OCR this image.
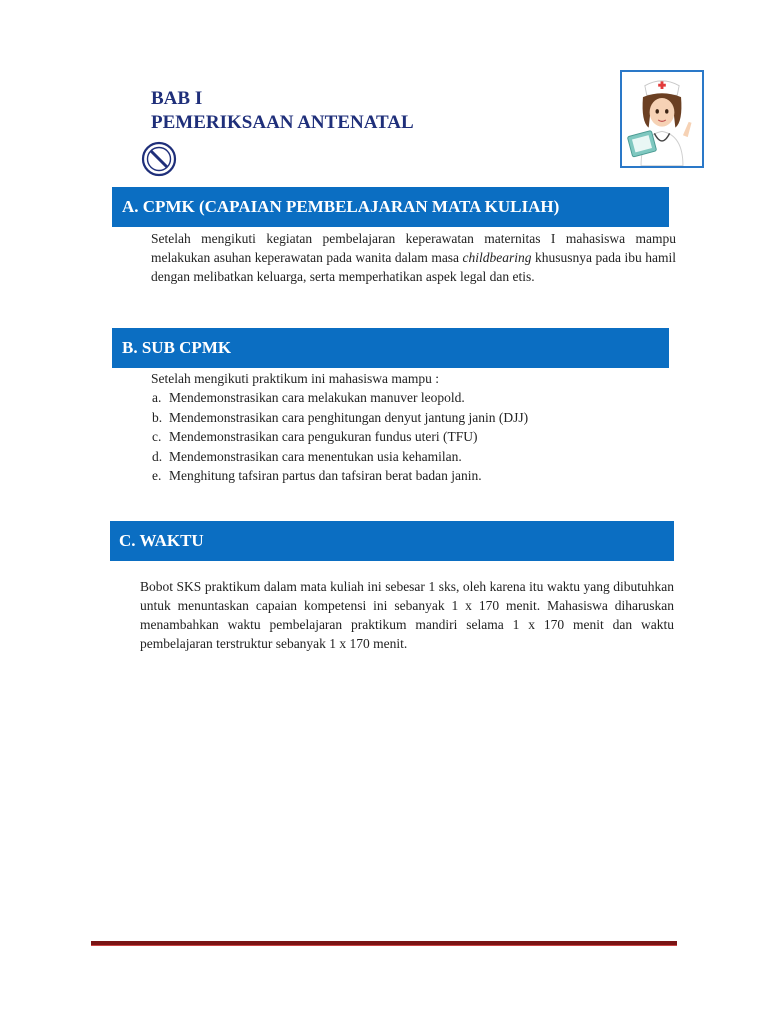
BAB I
PEMERIKSAAN ANTENATAL
A. CPMK (CAPAIAN PEMBELAJARAN MATA KULIAH)
Setelah mengikuti kegiatan pembelajaran keperawatan maternitas I mahasiswa mampu melakukan asuhan keperawatan pada wanita dalam masa childbearing khususnya pada ibu hamil dengan melibatkan keluarga, serta memperhatikan aspek legal dan etis.
B. SUB CPMK
Setelah mengikuti praktikum ini mahasiswa mampu :
a. Mendemonstrasikan cara melakukan manuver leopold.
b. Mendemonstrasikan cara penghitungan denyut jantung janin (DJJ)
c. Mendemonstrasikan cara pengukuran fundus uteri (TFU)
d. Mendemonstrasikan cara menentukan usia kehamilan.
e. Menghitung tafsiran partus dan tafsiran berat badan janin.
C. WAKTU
Bobot SKS praktikum dalam mata kuliah ini sebesar 1 sks, oleh karena itu waktu yang dibutuhkan untuk menuntaskan capaian kompetensi ini sebanyak 1 x 170 menit. Mahasiswa diharuskan menambahkan waktu pembelajaran praktikum mandiri selama 1 x 170 menit dan waktu pembelajaran terstruktur sebanyak 1 x 170 menit.
